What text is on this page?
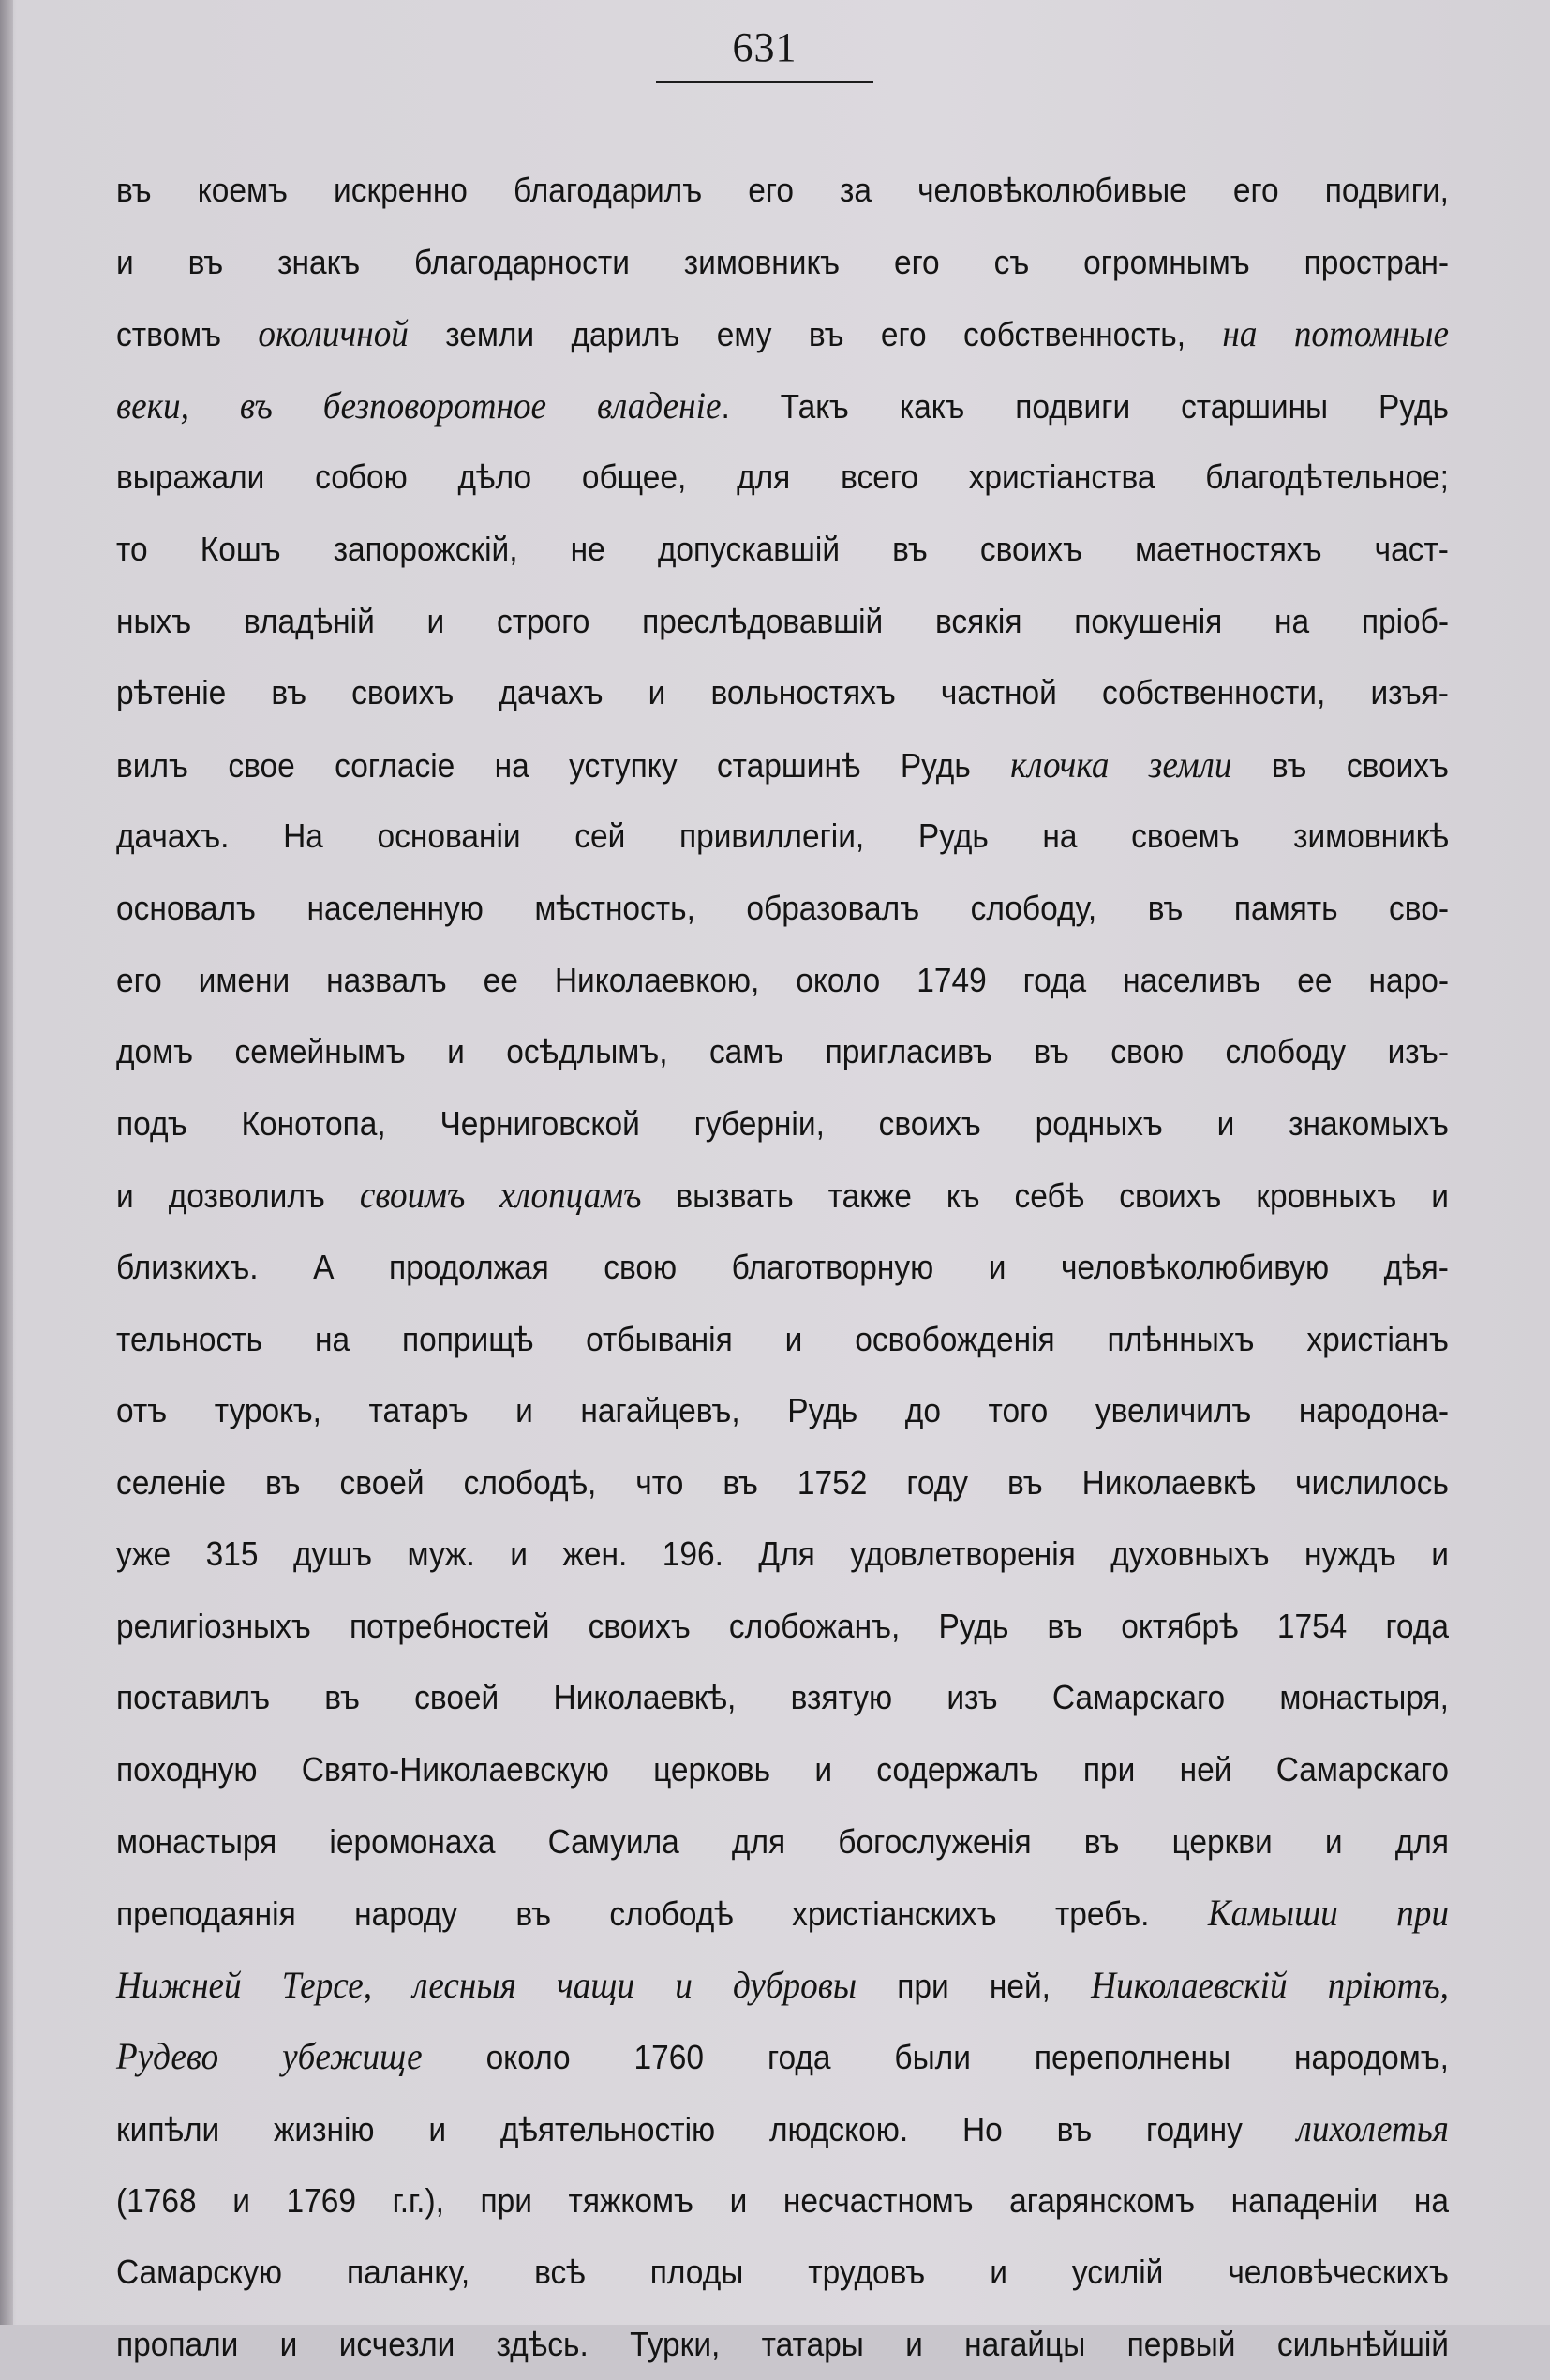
631
въ коемъ искренно благодарилъ его за человѣколюбивые его подвиги,
и въ знакъ благодарности зимовникъ его съ огромнымъ простран-
ствомъ околичной земли дарилъ ему въ его собственность, на потомные
веки, въ безповоротное владенiе. Такъ какъ подвиги старшины Рудь
выражали собою дѣло общее, для всего христіанства благодѣтельное;
то Кошъ запорожскій, не допускавшій въ своихъ маетностяхъ част-
ныхъ владѣній и строго преслѣдовавшій всякія покушенія на пріоб-
рѣтеніе въ своихъ дачахъ и вольностяхъ частной собственности, изъя-
вилъ свое согласіе на уступку старшинѣ Рудь клочка земли въ своихъ
дачахъ. На основаніи сей привиллегіи, Рудь на своемъ зимовникѣ
основалъ населенную мѣстность, образовалъ слободу, въ память сво-
его имени назвалъ ее Николаевкою, около 1749 года населивъ ее наро-
домъ семейнымъ и осѣдлымъ, самъ пригласивъ въ свою слободу изъ-
подъ Конотопа, Черниговской губерніи, своихъ родныхъ и знакомыхъ
и дозволилъ своимъ хлопцамъ вызвать также къ себѣ своихъ кровныхъ и
близкихъ. А продолжая свою благотворную и человѣколюбивую дѣя-
тельность на поприщѣ отбыванія и освобожденія плѣнныхъ христіанъ
отъ турокъ, татаръ и нагайцевъ, Рудь до того увеличилъ народона-
селеніе въ своей слободѣ, что въ 1752 году въ Николаевкѣ числилось
уже 315 душъ муж. и жен. 196. Для удовлетворенія духовныхъ нуждъ и
религіозныхъ потребностей своихъ слобожанъ, Рудь въ октябрѣ 1754 года
поставилъ въ своей Николаевкѣ, взятую изъ Самарскаго монастыря,
походную Свято-Николаевскую церковь и содержалъ при ней Самарскаго
монастыря іеромонаха Самуила для богослуженія въ церкви и для
преподаянія народу въ слободѣ христіанскихъ требъ. Камыши при
Нижней Терсе, лесныя чащи и дубровы при ней, Николаевскій пріютъ,
Рудево убежище около 1760 года были переполнены народомъ,
кипѣли жизнію и дѣятельностію людскою. Но въ годину лихолетья
(1768 и 1769 г.г.), при тяжкомъ и несчастномъ агарянскомъ нападеніи на
Самарскую паланку, всѣ плоды трудовъ и усилій человѣческихъ
пропали и исчезли здѣсь. Турки, татары и нагайцы первый сильнѣйшій
